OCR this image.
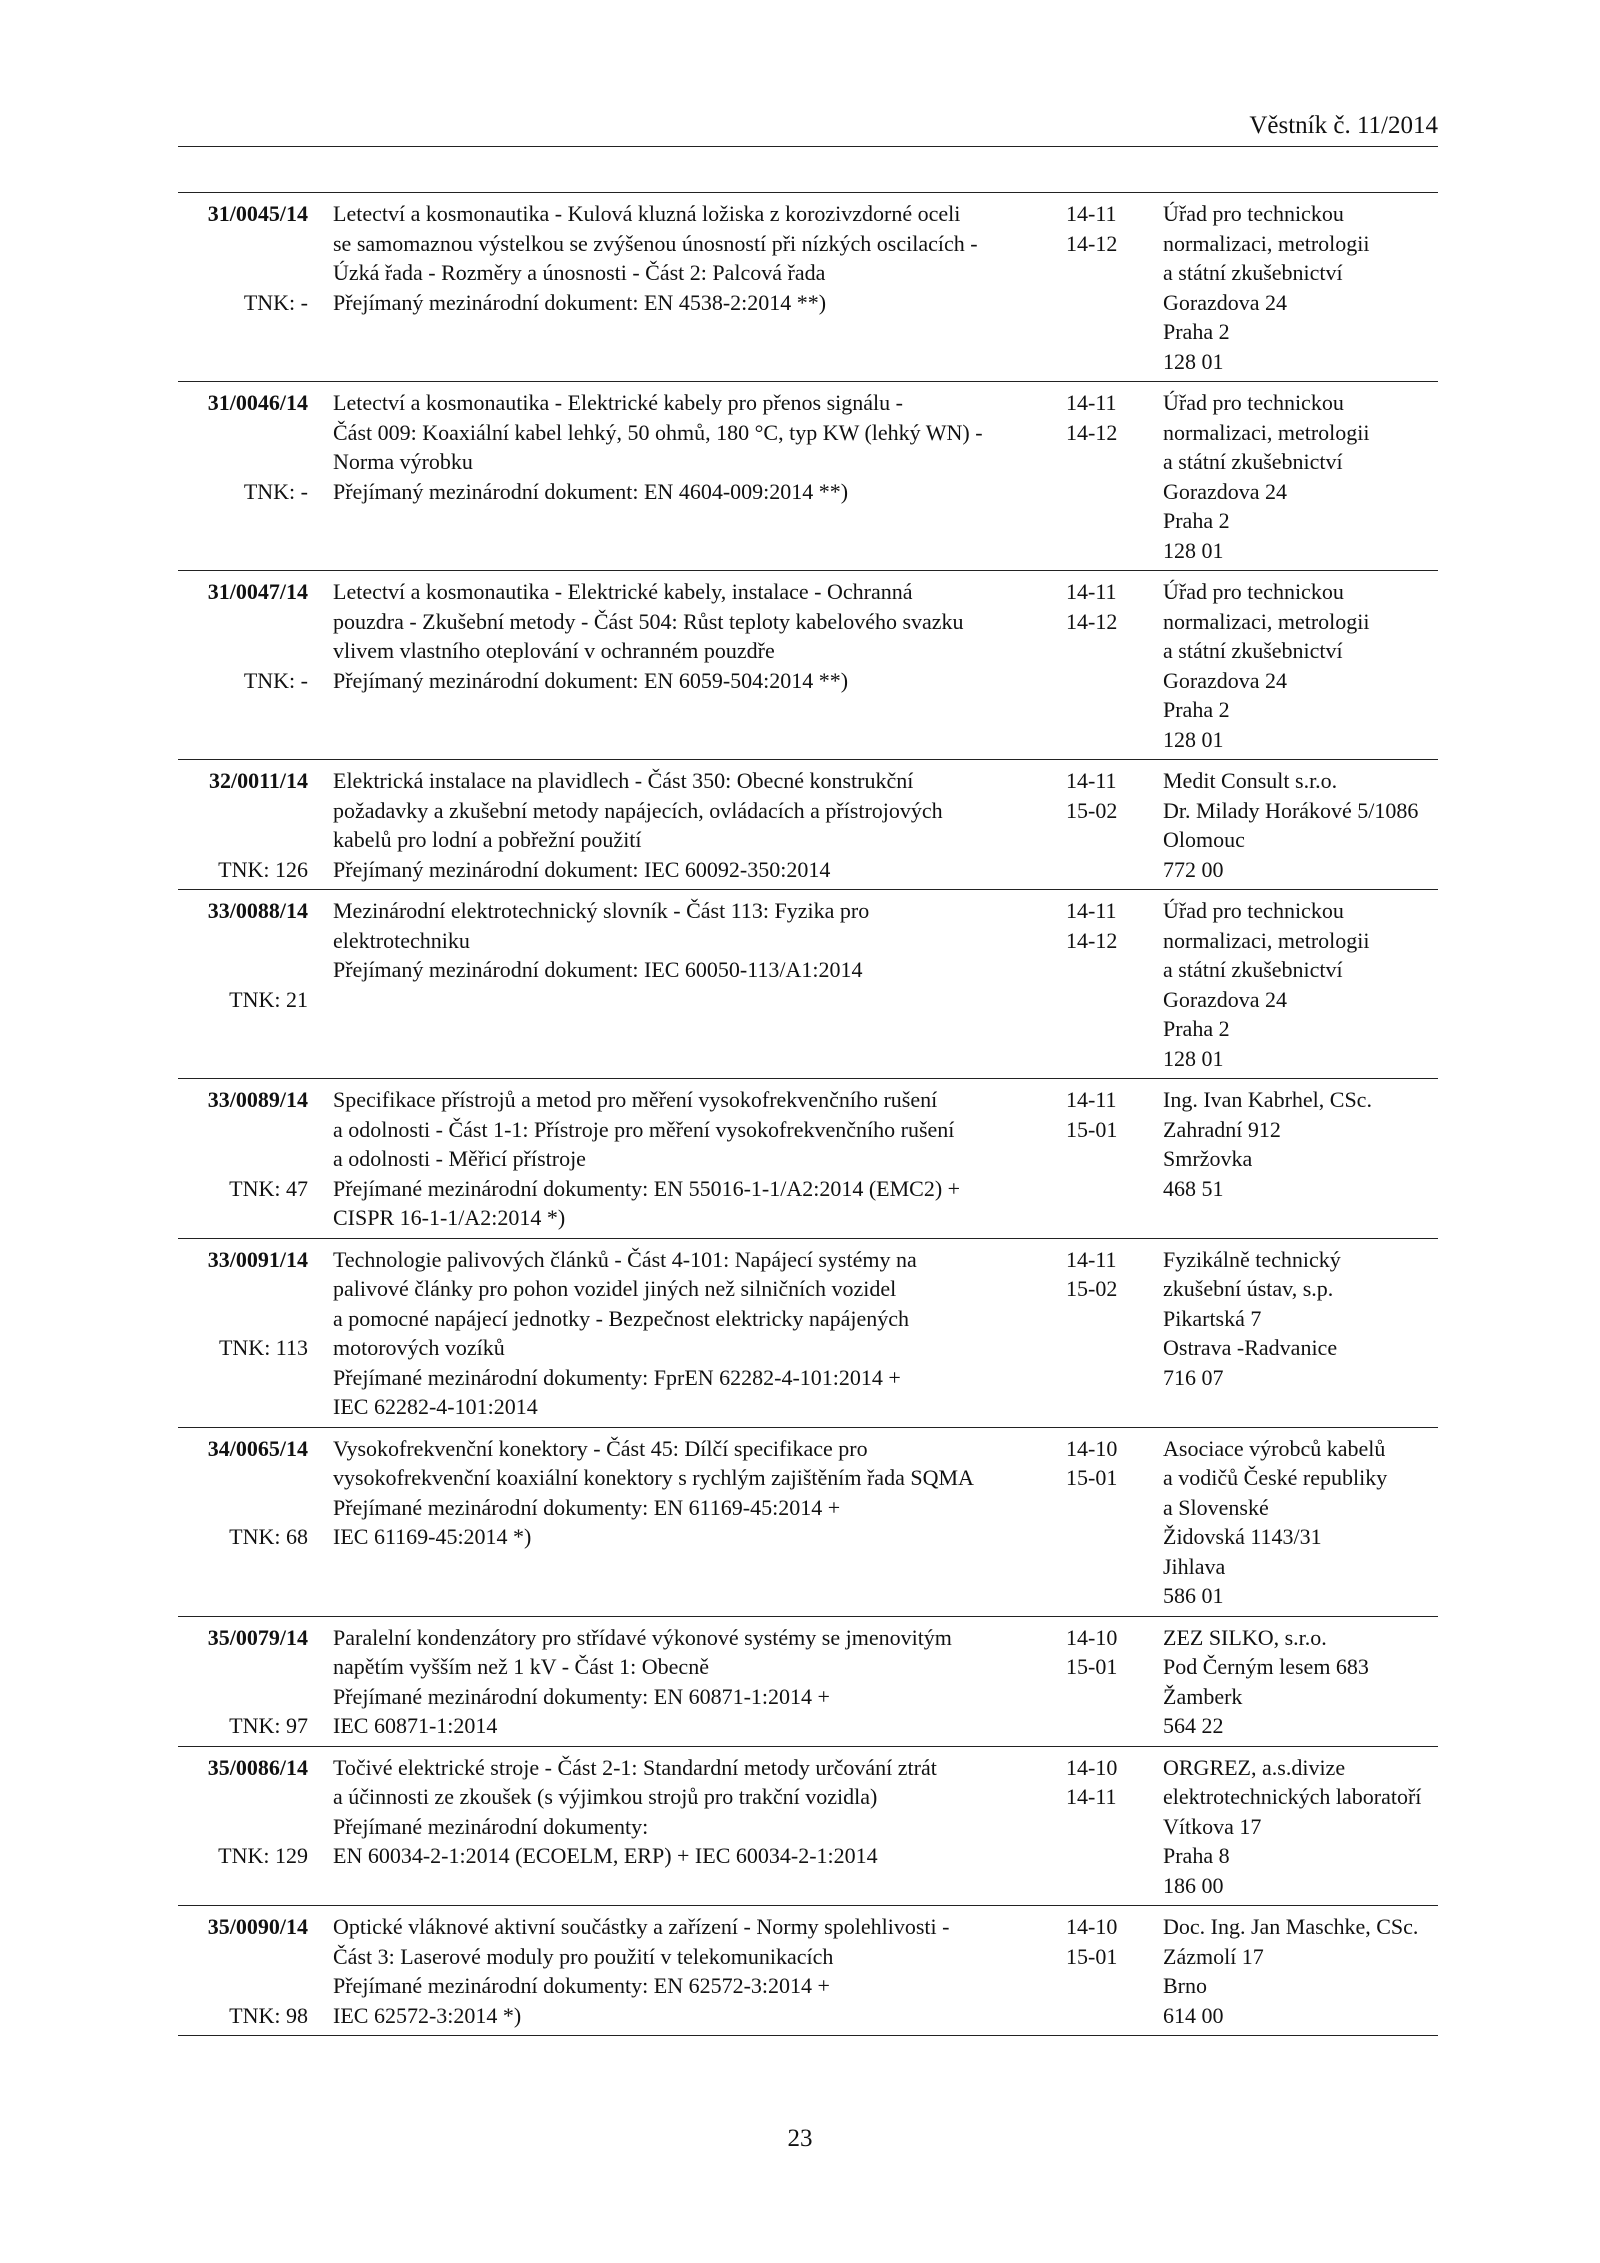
Věstník č. 11/2014
31/0045/14
TNK: -
Letectví a kosmonautika - Kulová kluzná ložiska z korozivzdorné oceli
se samomaznou výstelkou se zvýšenou únosností při nízkých oscilacích -
Úzká řada - Rozměry a únosnosti - Část 2: Palcová řada
Přejímaný mezinárodní dokument: EN 4538-2:2014 **)
14-11
14-12
Úřad pro technickou
normalizaci, metrologii
a státní zkušebnictví
Gorazdova 24
Praha 2
128 01
31/0046/14
TNK: -
Letectví a kosmonautika - Elektrické kabely pro přenos signálu -
Část 009: Koaxiální kabel lehký, 50 ohmů, 180 °C, typ KW (lehký WN) -
Norma výrobku
Přejímaný mezinárodní dokument: EN 4604-009:2014 **)
14-11
14-12
Úřad pro technickou
normalizaci, metrologii
a státní zkušebnictví
Gorazdova 24
Praha 2
128 01
31/0047/14
TNK: -
Letectví a kosmonautika - Elektrické kabely, instalace - Ochranná
pouzdra - Zkušební metody - Část 504: Růst teploty kabelového svazku
vlivem vlastního oteplování v ochranném pouzdře
Přejímaný mezinárodní dokument: EN 6059-504:2014 **)
14-11
14-12
Úřad pro technickou
normalizaci, metrologii
a státní zkušebnictví
Gorazdova 24
Praha 2
128 01
32/0011/14
TNK: 126
Elektrická instalace na plavidlech - Část 350: Obecné konstrukční
požadavky a zkušební metody napájecích, ovládacích a přístrojových
kabelů pro lodní a pobřežní použití
Přejímaný mezinárodní dokument: IEC 60092-350:2014
14-11
15-02
Medit Consult s.r.o.
Dr. Milady Horákové 5/1086
Olomouc
772 00
33/0088/14
TNK: 21
Mezinárodní elektrotechnický slovník - Část 113: Fyzika pro
elektrotechniku
Přejímaný mezinárodní dokument: IEC 60050-113/A1:2014
14-11
14-12
Úřad pro technickou
normalizaci, metrologii
a státní zkušebnictví
Gorazdova 24
Praha 2
128 01
33/0089/14
TNK: 47
Specifikace přístrojů a metod pro měření vysokofrekvenčního rušení
a odolnosti - Část 1-1: Přístroje pro měření vysokofrekvenčního rušení
a odolnosti - Měřicí přístroje
Přejímané mezinárodní dokumenty: EN 55016-1-1/A2:2014 (EMC2) +
CISPR 16-1-1/A2:2014 *)
14-11
15-01
Ing. Ivan Kabrhel, CSc.
Zahradní 912
Smržovka
468 51
33/0091/14
TNK: 113
Technologie palivových článků - Část 4-101: Napájecí systémy na
palivové články pro pohon vozidel jiných než silničních vozidel
a pomocné napájecí jednotky - Bezpečnost elektricky napájených
motorových vozíků
Přejímané mezinárodní dokumenty: FprEN 62282-4-101:2014 +
IEC 62282-4-101:2014
14-11
15-02
Fyzikálně technický
zkušební ústav, s.p.
Pikartská 7
Ostrava -Radvanice
716 07
34/0065/14
TNK: 68
Vysokofrekvenční konektory - Část 45: Dílčí specifikace pro
vysokofrekvenční koaxiální konektory s rychlým zajištěním řada SQMA
Přejímané mezinárodní dokumenty: EN 61169-45:2014 +
IEC 61169-45:2014 *)
14-10
15-01
Asociace výrobců kabelů
a vodičů České republiky
a Slovenské
Židovská 1143/31
Jihlava
586 01
35/0079/14
TNK: 97
Paralelní kondenzátory pro střídavé výkonové systémy se jmenovitým
napětím vyšším než 1 kV - Část 1: Obecně
Přejímané mezinárodní dokumenty: EN 60871-1:2014 +
IEC 60871-1:2014
14-10
15-01
ZEZ SILKO, s.r.o.
Pod Černým lesem 683
Žamberk
564 22
35/0086/14
TNK: 129
Točivé elektrické stroje - Část 2-1: Standardní metody určování ztrát
a účinnosti ze zkoušek (s výjimkou strojů pro trakční vozidla)
Přejímané mezinárodní dokumenty:
EN 60034-2-1:2014 (ECOELM, ERP) + IEC 60034-2-1:2014
14-10
14-11
ORGREZ, a.s.divize
elektrotechnických laboratoří
Vítkova 17
Praha 8
186 00
35/0090/14
TNK: 98
Optické vláknové aktivní součástky a zařízení - Normy spolehlivosti -
Část 3: Laserové moduly pro použití v telekomunikacích
Přejímané mezinárodní dokumenty: EN 62572-3:2014 +
IEC 62572-3:2014 *)
14-10
15-01
Doc. Ing. Jan Maschke, CSc.
Zázmolí 17
Brno
614 00
23
